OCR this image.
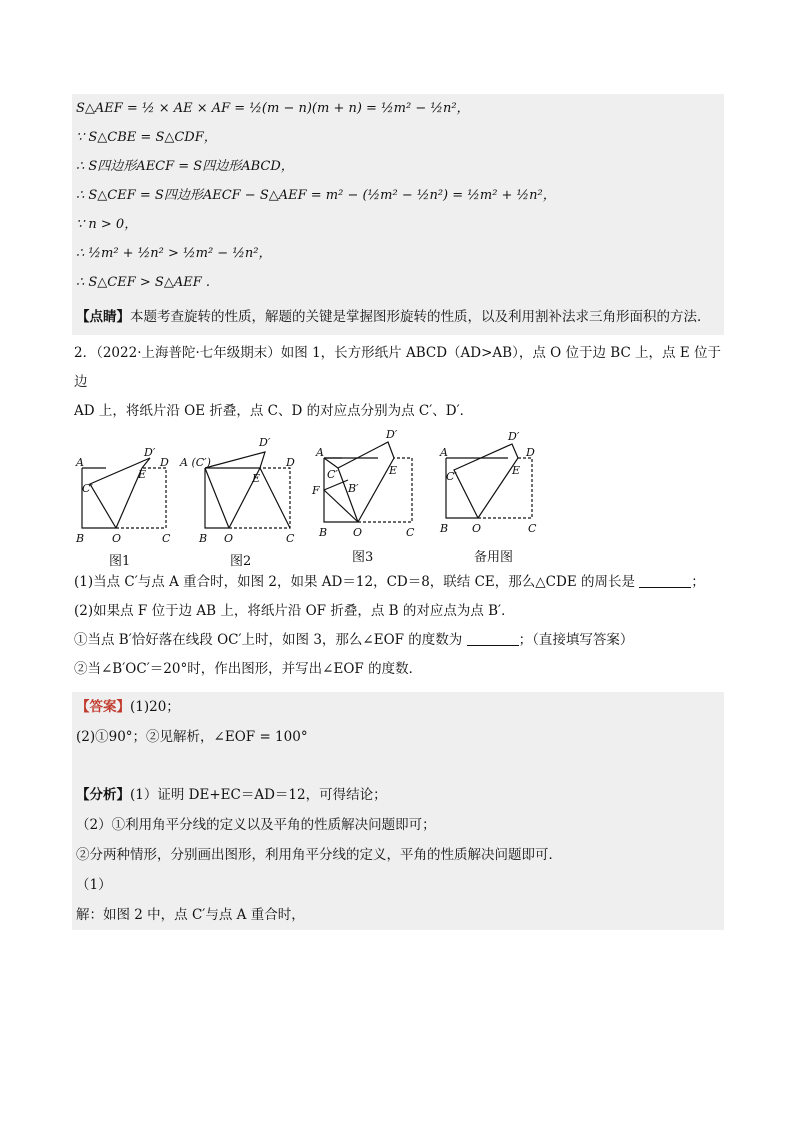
S△AEF = ½ × AE × AF = ½(m − n)(m + n) = ½m² − ½n²，
∵ S△CBE = S△CDF，
∴ S四边形AECF = S四边形ABCD，
∴ S△CEF = S四边形AECF − S△AEF = m² − (½m² − ½n²) = ½m² + ½n²，
∵ n > 0，
∴ ½m² + ½n² > ½m² − ½n²，
∴ S△CEF > S△AEF .
【点睛】本题考查旋转的性质，解题的关键是掌握图形旋转的性质，以及利用割补法求三角形面积的方法．
2．（2022·上海普陀·七年级期末）如图 1，长方形纸片 ABCD（AD>AB），点 O 位于边 BC 上，点 E 位于边
AD 上，将纸片沿 OE 折叠，点 C、D 的对应点分别为点 C′、D′．
A
D′
D
E
C′
B	O	C
A (C′)
D′
D
E
B O	C
A
D′
E
C′
B′
F
B O	C
A
D′
D
E
C′
B O	C
图1	图2	图3	备用图
(1)当点 C′与点 A 重合时，如图 2，如果 AD＝12，CD＝8，联结 CE，那么△CDE 的周长是	；
(2)如果点 F 位于边 AB 上，将纸片沿 OF 折叠，点 B 的对应点为点 B′．
①当点 B′恰好落在线段 OC′上时，如图 3，那么∠EOF 的度数为	；（直接填写答案）
②当∠B′OC′＝20°时，作出图形，并写出∠EOF 的度数．
【答案】(1)20；
(2)①90°；②见解析，∠EOF = 100°
【分析】(1）证明 DE+EC＝AD＝12，可得结论；
（2）①利用角平分线的定义以及平角的性质解决问题即可；
②分两种情形，分别画出图形，利用角平分线的定义，平角的性质解决问题即可．
（1）
解：如图 2 中，点 C′与点 A 重合时，
